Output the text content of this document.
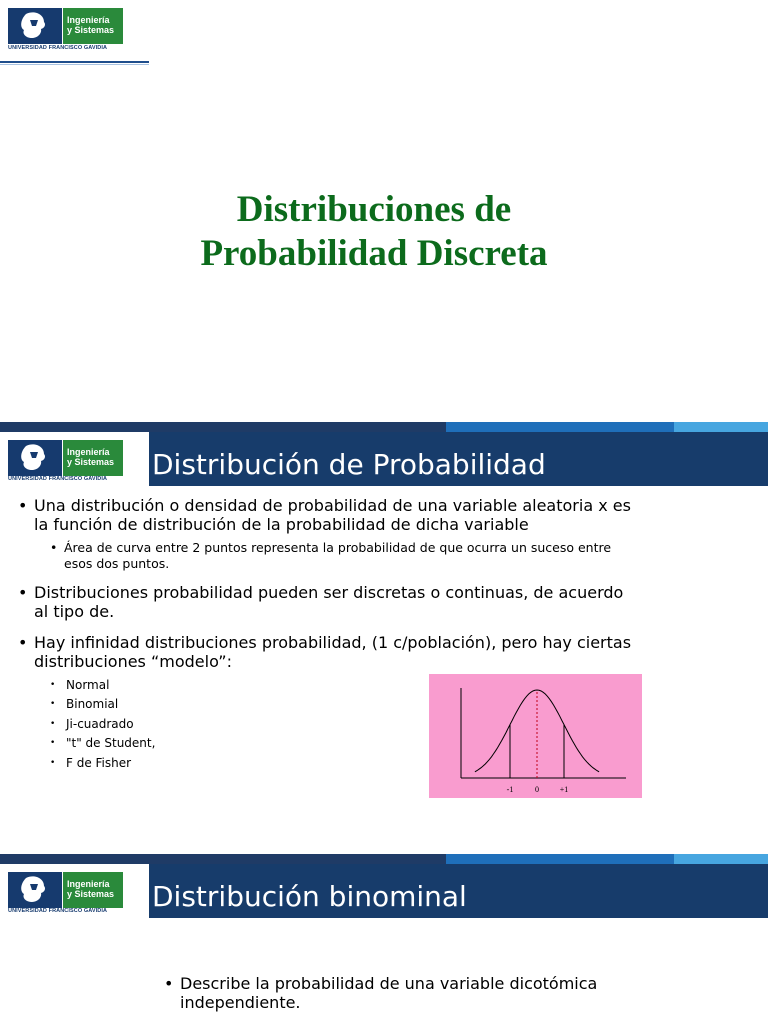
Ingeniería
y Sistemas
UNIVERSIDAD FRANCISCO GAVIDIA
Distribuciones de
Probabilidad Discreta
Ingeniería
y Sistemas
UNIVERSIDAD FRANCISCO GAVIDIA	Distribución de Probabilidad
• Una distribución o densidad de probabilidad de una variable aleatoria x es la función de distribución de la probabilidad de dicha variable
• Área de curva entre 2 puntos representa la probabilidad de que ocurra un suceso entre esos dos puntos.
• Distribuciones probabilidad pueden ser discretas o continuas, de acuerdo al tipo de.
• Hay infinidad distribuciones probabilidad, (1 c/población), pero hay ciertas distribuciones “modelo”:
• Normal
• Binomial
• Ji-cuadrado
• "t" de Student,
• F de Fisher
-1	0	+1
Ingeniería
y Sistemas
UNIVERSIDAD FRANCISCO GAVIDIA	Distribución binominal
• Describe la probabilidad de una variable dicotómica independiente.
